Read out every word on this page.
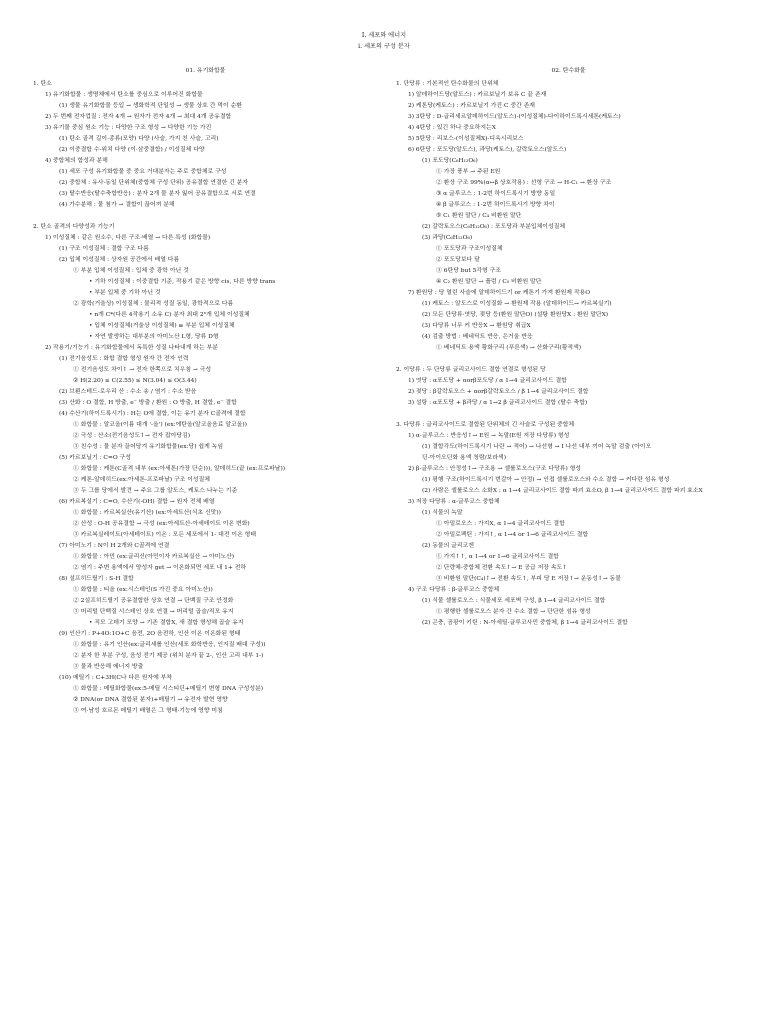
I. 세포와 에너지
i. 세포의 구성 분자
01. 유기화합물
1. 탄소
1) 유기화합물 : 생명체에서 탄소를 중심으로 이루어진 화합물
(1) 생물 유기화합물 등입 → 생화학적 단일성 → 생물 상호 간 먹이 순환
2) 두 번째 전자껍질 : 전자 4개 → 원자가 전자 4개 → 최대 4개 공유결합
3) 유기물 중심 원소 기능 : 다양한 구조 형성 → 다양한 기능 가진
(1) 탄소 골격 길이·종류(모양) 다양 (사슬, 가지 친 사슬, 고리)
(2) 이중결합 수·위치 다양 (이·삼중결합) / 이성질체 다양
4) 중합체의 합성과 분해
(1) 세포 구성 유기화합물 중 중요 거대분자는 주로 중합체로 구성
(2) 중합체 : 유사·동일 단위체(중합체 구성 단위) 공유결합 연결한 긴 분자
(3) 탈수반응(탈수축합반응) : 분자 2개 물 분자 잃어 공유결합으로 서로 연결
(4) 가수분해 : 물 첨가 → 결합이 끊어져 분해
2. 탄소 골격의 다양성과 기능기
1) 이성질체 : 같은 원소수, 다른 구조·배열 → 다른 특성 (화합물)
(1) 구조 이성질체 : 결합 구조 다름
(2) 입체 이성질체 : 상자원 공간에서 배열 다름
① 부분 입체 이성질체 : 입체 중 광학 아닌 것
• 기하 이성질체 : 이중결합 기준, 작용기 같은 방향 cis, 다른 방향 trans
• 부분 입체 중 기하 아닌 것
② 광학(거울상) 이성질체 : 물리적 성질 동일, 광학적으로 다름
• n개 C*(다른 4작용기 소유 C) 분자 최대 2ⁿ개 입체 이성질체
• 입체 이성질체(거울상 이성질체) ≡ 부분 입체 이성질체
• 자연 발생하는 대부분의 아미노산 L형, 당류 D형
2) 작용기/기능기 : 유기화합물에서 독특한 성질 나타내게 하는 부분
(1) 전기음성도 : 화합 결합 형성 원자 간 전자 인력
① 전기음성도 차이↑ → 전자 한쪽으로 치우침 → 극성
② H(2.20) ≤ C(2.55) ≤ N(3.04) ≤ O(3.44)
(2) 브뢴스테드-로우리 산 : 수소 송 / 염기 : 수소 받음
(3) 산화 : O 결합, H 방출, e⁻ 방출 / 환원 : O 방출, H 결합, e⁻ 결합
(4) 수산기(하이드록시기) : H는 O에 결합, 이는 유기 분자 C골격에 결합
① 화합물 : 알코올(이름 대개 '-올') (ex:에탄올(알코올음료 알코올))
② 극성 : 산소(전기음성도↑→ 전자 잡아당김)
③ 친수성 : 물 분자 끌어당겨 유기화합물(ex:당) 쉽게 녹임
(5) 카르보닐기 : C=O 구성
① 화합물 : 케톤(C골격 내부 (ex:아세톤(가장 단순))), 알데히드(끝 (ex:프로파날))
② 케톤-알데히드(ex:아세톤-프로파날) 구조 이성질체
③ 두 그룹 당에서 발견 → 주요 그룹 알도스, 케토스 나누는 기준
(6) 카르복실기 : C=O, 수산기(-OH) 결합 → 원자 전체 배열
① 화합물 : 카르복실산(유기산) (ex:아세트산(식초 신맛))
② 산성 : O-H 공유결합 → 극성 (ex:아세트산-아세테이트 이온 변화)
③ 카르복실레이트(아세테이트) 이온 : 모든 세포에서 1- 대전 이온 형태
(7) 아미노기 : N이 H 2개와 C골격에 연결
① 화합물 : 아민 (ex:글리신(아민이자 카르복실산 → 아미노산)
② 염기 : 주변 용액에서 양성자 get → 이온화되면 세포 내 1+ 전하
(8) 설프히드릴기 : S-H 결합
① 화합물 : 티올 (ex:시스테인(S 가진 중요 아미노산))
② 2설프히드릴기 공유결합한 상호 연결 → 단백질 구조 안정화
③ 머리털 단백질 시스테인 상호 연결 → 머리털 곱슬/직모 유지
• 직모 고데기 모양 → 기존 결합X, 새 결합 형성해 곱슬 유지
(9) 인산기 : P+4O:1O+C 음전, 2O 음전하, 인산 이온 이온화된 형태
① 화합물 : 유기 인산(ex:글리세롤 인산(세포 화학반응, 인지질 배대 구성))
② 분자 한 부분 구성, 음성 전기 제공 (위치 분자 끝 2-, 인산 고리 내부 1-)
③ 물과 반응해 에너지 방출
(10) 메틸기 : C+3H(C나 다른 원자에 부착
① 화합물 : 메틸화합물(ex:5-메틸 시스티딘+메틸기 변형 DNA 구성성분)
② DNA(or DNA 결합된 분자)+메틸기 → 유전자 발현 영향
③ 여·남성 호르몬 메틸기 배열은 그 형태·기능에 영향 미침
02. 탄수화물
1. 단당류 : 기본적인 탄수화물의 단위체
1) 알데하이드당(알도스) : 카르보닐기 보유 C 끝 존재
2) 케톤당(케토스) : 카르보닐기 가진 C 중간 존재
3) 3탄당 : D-글리세르알데하이드(알도스)-(이성질체)-다이하이드록시세톤(케토스)
4) 4탄당 : 있긴 하나 중요하지는X
5) 5탄당 : 리보스-(이성질체X)-디옥시리보스
6) 6탄당 : 포도당(알도스), 과당(케토스), 갈락토오스(알도스)
(1) 포도당(C₆H₁₂O₆)
① 가장 풍부 → 주된 E원
② 환상 구조 99%(α↔β 상호작용) : 선형 구조 → H-C₁ → 환상 구조
③ α 글루코스 : 1-2번 하이드록시기 방향 동일
④ β 글루코스 : 1-2번 하이드록시기 방향 차이
⑤ C₁ 환원 말단 / C₄ 비환원 말단
(2) 갈락토오스(C₆H₁₂O₆) : 포도당과 부분입체이성질체
(3) 과당(C₆H₁₂O₆)
① 포도당과 구조이성질체
② 포도당보다 달
③ 6탄당 but 5각형 구조
④ C₂ 환원 말단 → 플럼 / C₅ 비환원 말단
7) 환원당 : 당 열린 사슬에 알데하이드기 or 케톤기 가져 환원제 작용O
(1) 케토스 : 알도스로 이성질화 → 환원제 작용 (알데하이드→ 카르복실기)
(2) 모든 단당류·엿당, 젖당 등(환원 말단O) (설탕 환원당X : 환원 말단X)
(3) 다당류 너무 커 반응X → 환원당 취급X
(4) 검출 방법 : 베네딕트 반응, 은거울 반응
① 베네딕트 용액 황화구리 (푸른색) → 산화구리(황적색)
2. 이당류 : 두 단당류 글리코사이드 결합 연결로 형성된 당
1) 엿당 : α포도당 + αorβ포도당 / α 1→4 글리코사이드 결합
2) 젖당 : β갈락토오스 + αorβ갈락토오스 / β 1→4 글리코사이드 결합
3) 설탕 : α포도당 + β과당 / α 1→2 β 글리코사이드 결합 (탈수 축합)
3. 다당류 : 글리코사이드로 결합된 단위체의 긴 사슬로 구성된 중합체
1) α-글루코스 : 반응성↑→ E원 → 녹말(E원 저장 다당류) 형성
(1) 결합각도(하이드록시기 나란 → 적어) → 나선형 → I 나선 내부 끼어 녹말 검출 (아이오
딘-아이오딘화 용액 청람/보라색)
2) β-글루코스 : 안정성↑→ 구조용 → 셀룰로오스(구조 다당류) 형성
(1) 평행 구조(하이드록시기 번갈아 → 안정) → 인접 셀룰로오스와 수소 결합 → 커다란 섬유 형성
(2) 사람은 셀룰로오스 소화X : α 1→4 글리코사이드 결합 파괴 효소O, β 1→4 글리코사이드 결합 파괴 효소X
3) 저장 다당류 : α-글루코스 중합체
(1) 식물의 녹말
① 아밀로오스 : 가지X, α 1→4 글리코사이드 결합
② 아밀로펙틴 : 가지↑, α 1→4 or 1→6 글리코사이드 결합
(2) 동물의 글리코겐
① 가지↑↑, α 1→4 or 1→6 글리코사이드 결합
② 단량체-중합체 전환 속도↑→ E 공급 저장 속도↑
③ 비환원 말단(C₄)↑→ 전환 속도↑, 부피 당 E 저장↑→ 운동성↑→ 동물
4) 구조 다당류 : β-글루코스 중합체
(1) 식물 셀룰로오스 : 식물세포 세포벽 구성, β 1→4 글리코사이드 결합
① 평행한 셀룰로오스 분자 간 수소 결합 → 단단한 섬유 형성
(2) 곤충, 곰팡이 키틴 : N-아세틸-글루코사민 중합체, β 1→4 글리코사이드 결합
